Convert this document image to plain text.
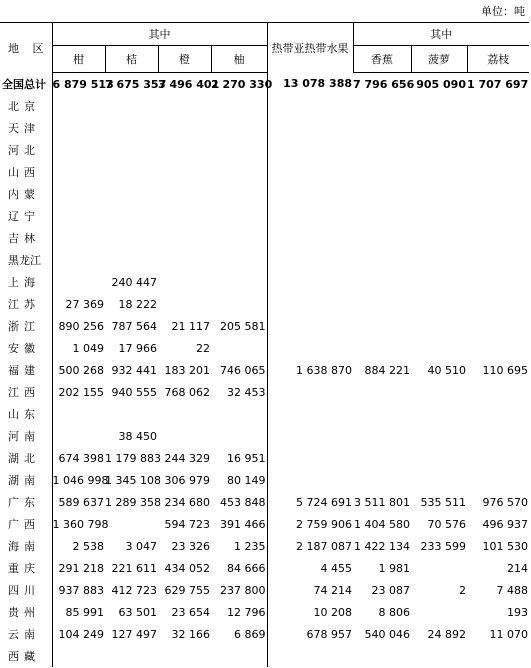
单位：吨
地 区	其中				热带亚热带水果	其中		
	柑	桔	橙	柚		香蕉	菠萝	荔枝
全国总计	6 879 513	7 675 357	3 496 401	2 270 330	13 078 388	7 796 656	905 090	1 707 697
北京								
天津								
河北								
山西								
内蒙								
辽宁								
吉林								
黑龙江								
上海		240 447						
江苏	27 369	18 222						
浙江	890 256	787 564	21 117	205 581				
安徽	1 049	17 966	22					
福建	500 268	932 441	183 201	746 065	1 638 870	884 221	40 510	110 695
江西	202 155	940 555	768 062	32 453				
山东								
河南		38 450						
湖北	674 398	1 179 883	244 329	16 951				
湖南	1 046 998	1 345 108	306 979	80 149				
广东	589 637	1 289 358	234 680	453 848	5 724 691	3 511 801	535 511	976 570
广西	1 360 798		594 723	391 466	2 759 906	1 404 580	70 576	496 937
海南	2 538	3 047	23 326	1 235	2 187 087	1 422 134	233 599	101 530
重庆	291 218	221 611	434 052	84 666	4 455	1 981		214
四川	937 883	412 723	629 755	237 800	74 214	23 087	2	7 488
贵州	85 991	63 501	23 654	12 796	10 208	8 806		193
云南	104 249	127 497	32 166	6 869	678 957	540 046	24 892	11 070
西藏								
